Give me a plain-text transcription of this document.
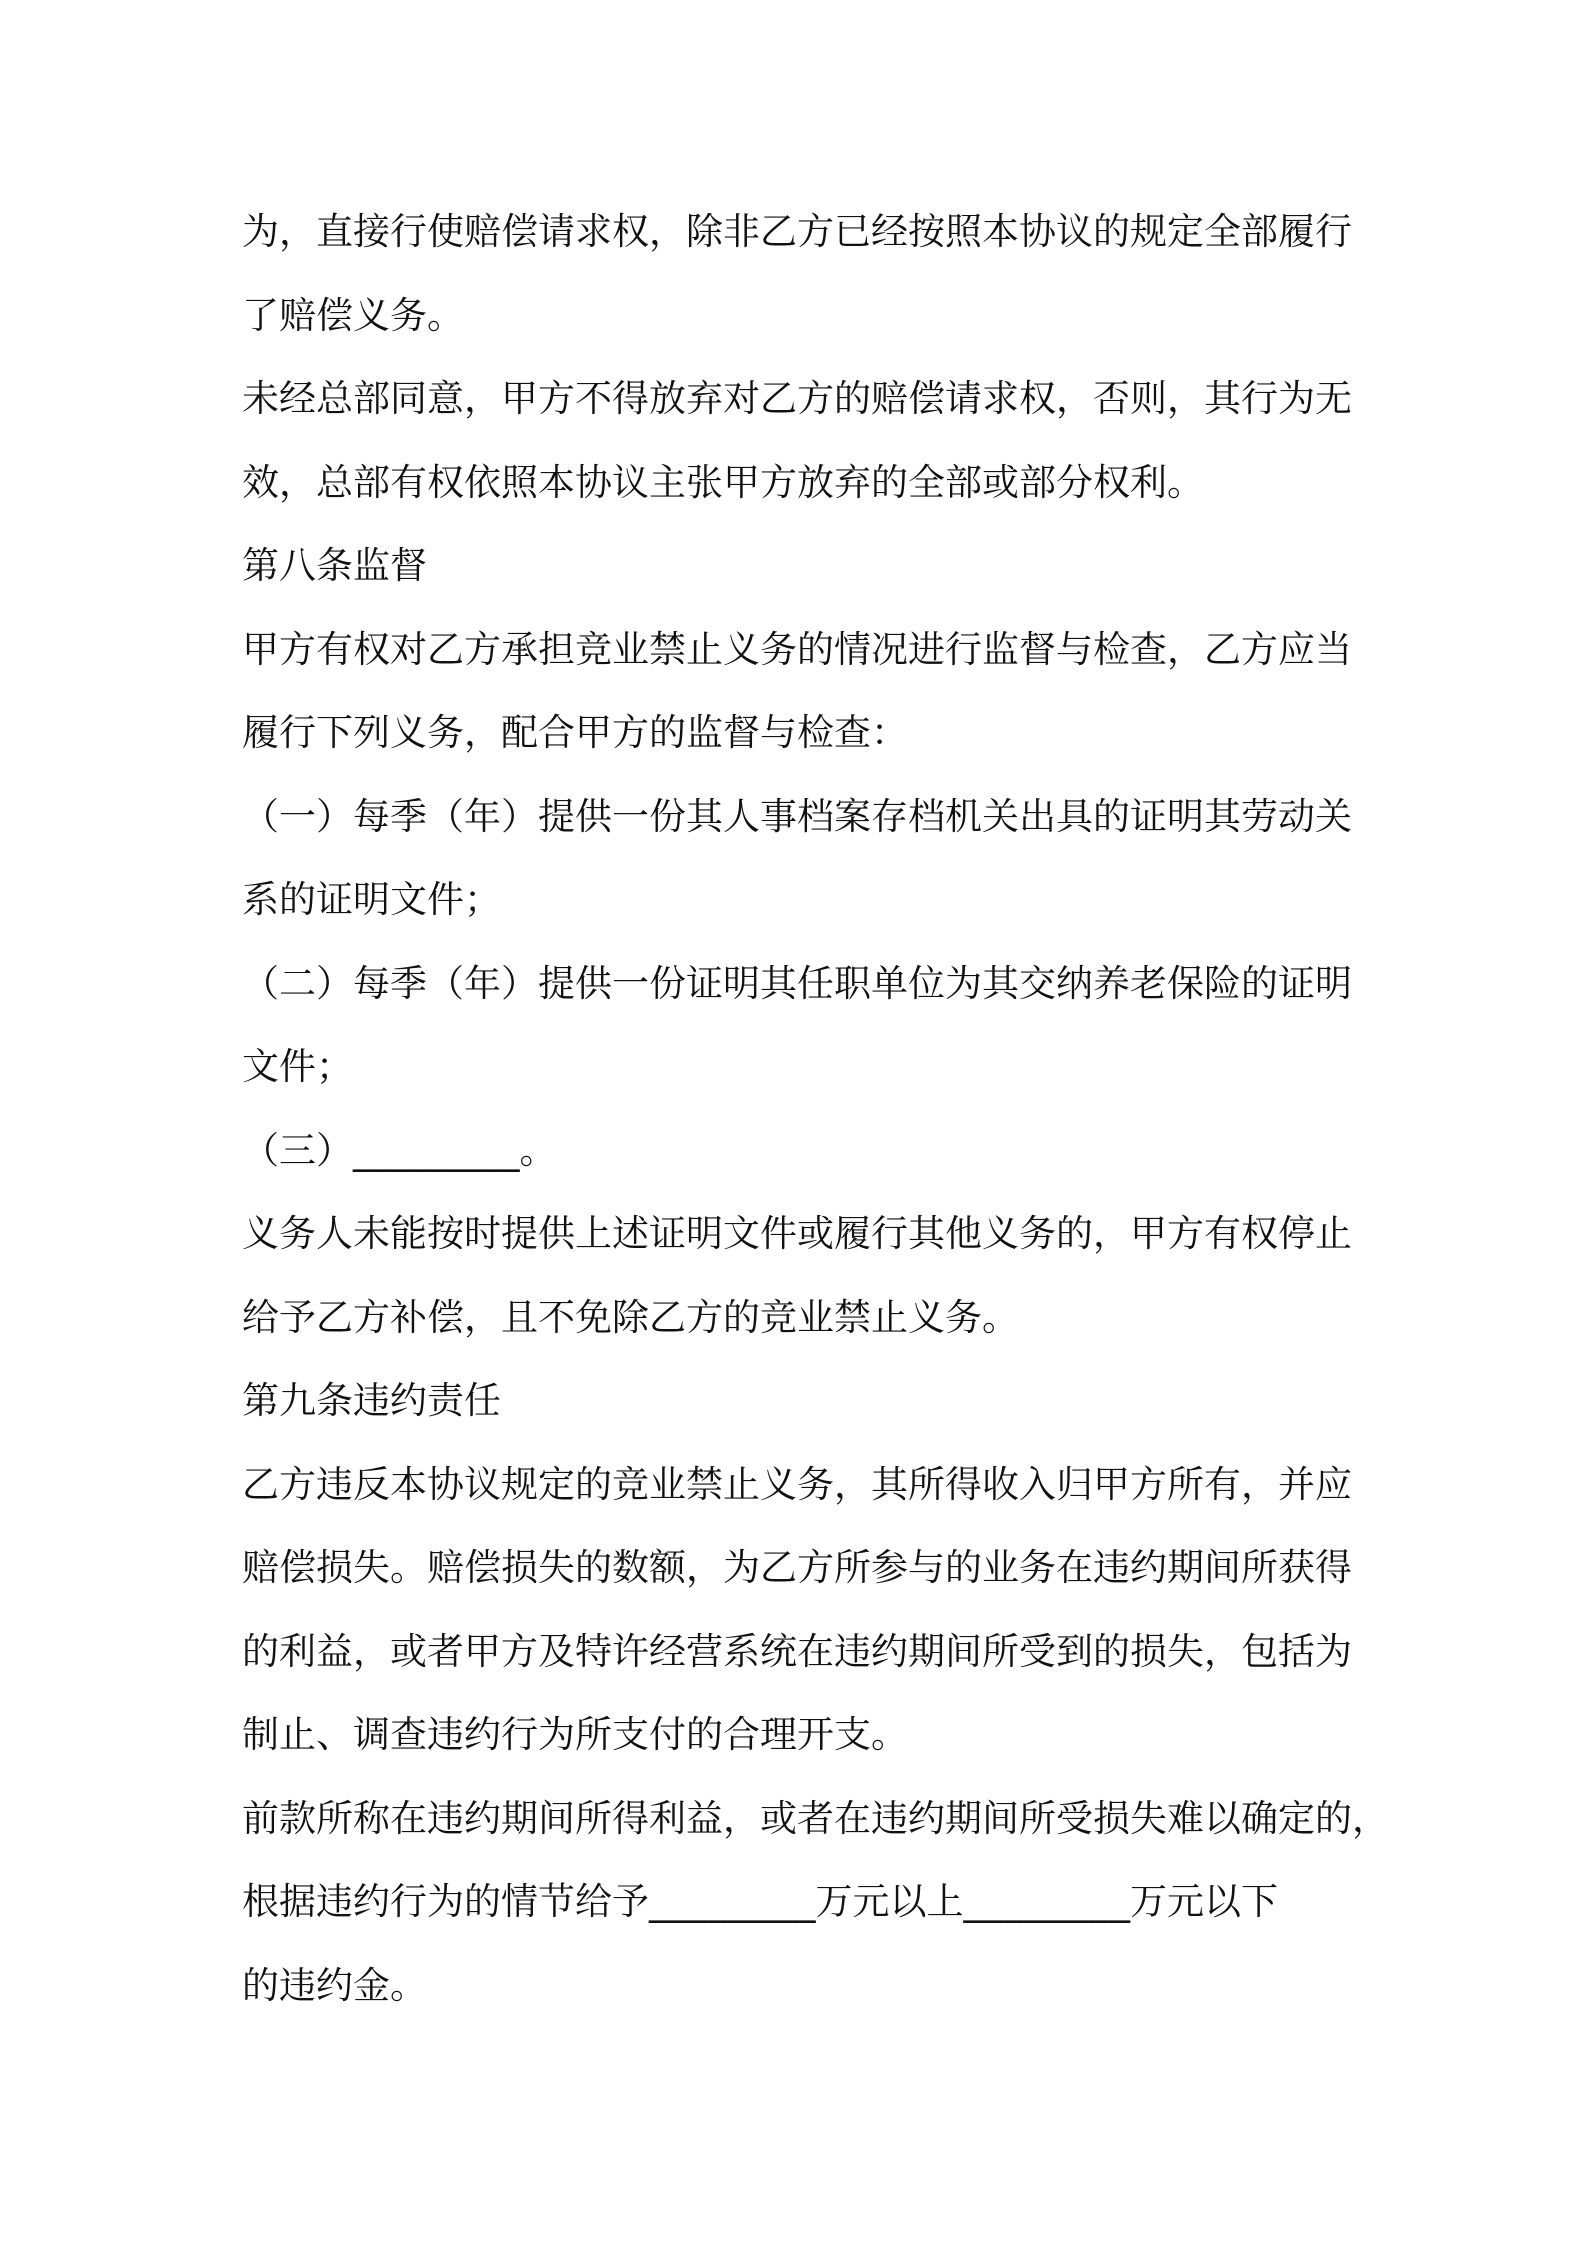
为，直接行使赔偿请求权，除非乙方已经按照本协议的规定全部履行
了赔偿义务。
未经总部同意，甲方不得放弃对乙方的赔偿请求权，否则，其行为无
效，总部有权依照本协议主张甲方放弃的全部或部分权利。
第八条监督
甲方有权对乙方承担竞业禁止义务的情况进行监督与检查，乙方应当
履行下列义务，配合甲方的监督与检查：
（一）每季（年）提供一份其人事档案存档机关出具的证明其劳动关
系的证明文件；
（二）每季（年）提供一份证明其任职单位为其交纳养老保险的证明
文件；
（三）_________。
义务人未能按时提供上述证明文件或履行其他义务的，甲方有权停止
给予乙方补偿，且不免除乙方的竞业禁止义务。
第九条违约责任
乙方违反本协议规定的竞业禁止义务，其所得收入归甲方所有，并应
赔偿损失。赔偿损失的数额，为乙方所参与的业务在违约期间所获得
的利益，或者甲方及特许经营系统在违约期间所受到的损失，包括为
制止、调查违约行为所支付的合理开支。
前款所称在违约期间所得利益，或者在违约期间所受损失难以确定的，
根据违约行为的情节给予_________万元以上_________万元以下
的违约金。
